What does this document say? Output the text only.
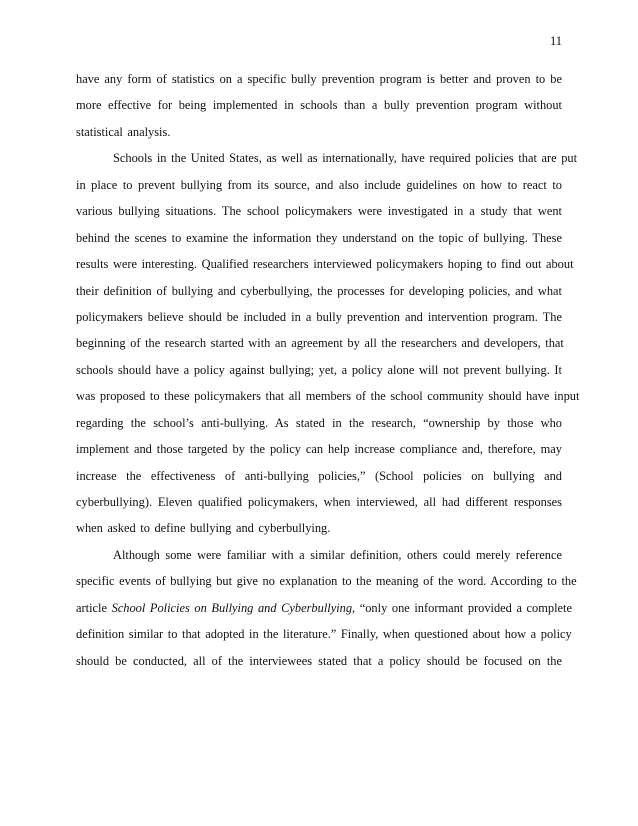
11
have any form of statistics on a specific bully prevention program is better and proven to be
more effective for being implemented in schools than a bully prevention program without
statistical analysis.
Schools in the United States, as well as internationally, have required policies that are put
in place to prevent bullying from its source, and also include guidelines on how to react to
various bullying situations. The school policymakers were investigated in a study that went
behind the scenes to examine the information they understand on the topic of bullying. These
results were interesting. Qualified researchers interviewed policymakers hoping to find out about
their definition of bullying and cyberbullying, the processes for developing policies, and what
policymakers believe should be included in a bully prevention and intervention program. The
beginning of the research started with an agreement by all the researchers and developers, that
schools should have a policy against bullying; yet, a policy alone will not prevent bullying. It
was proposed to these policymakers that all members of the school community should have input
regarding the school’s anti-bullying. As stated in the research, “ownership by those who
implement and those targeted by the policy can help increase compliance and, therefore, may
increase the effectiveness of anti-bullying policies,” (School policies on bullying and
cyberbullying). Eleven qualified policymakers, when interviewed, all had different responses
when asked to define bullying and cyberbullying.
Although some were familiar with a similar definition, others could merely reference
specific events of bullying but give no explanation to the meaning of the word. According to the
article School Policies on Bullying and Cyberbullying, “only one informant provided a complete
definition similar to that adopted in the literature.” Finally, when questioned about how a policy
should be conducted, all of the interviewees stated that a policy should be focused on the
